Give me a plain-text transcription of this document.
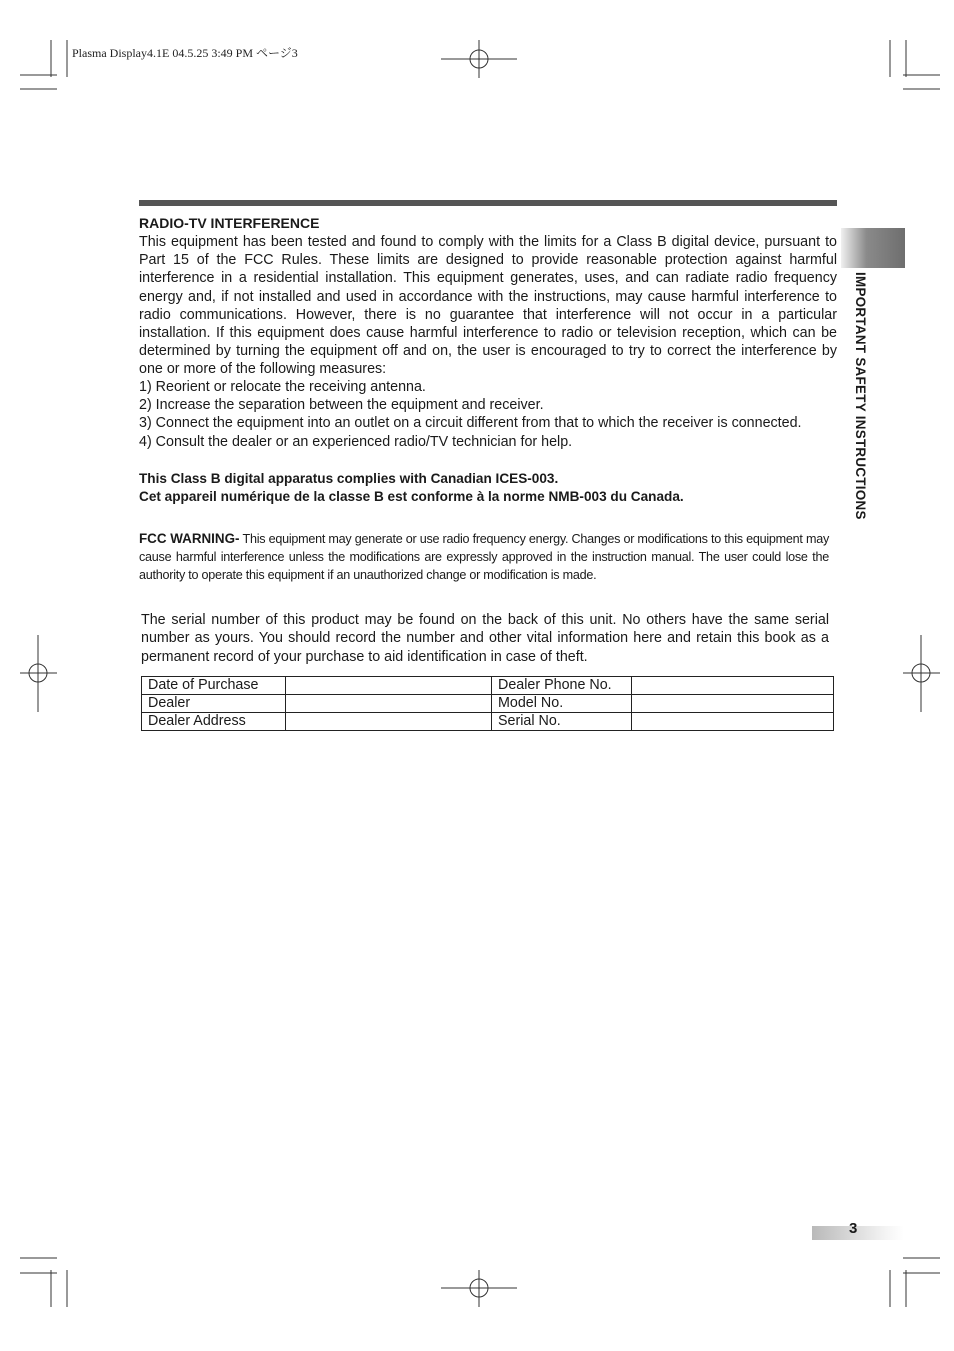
Plasma Display4.1E 04.5.25 3:49 PM ページ3
RADIO-TV INTERFERENCE
This equipment has been tested and found to comply with the limits for a Class B digital device, pursuant to Part 15 of the FCC Rules. These limits are designed to provide reasonable protection against harmful interference in a residential installation. This equipment generates, uses, and can radiate radio frequency energy and, if not installed and used in accordance with the instructions, may cause harmful interference to radio communications. However, there is no guarantee that interference will not occur in a particular installation. If this equipment does cause harmful interference to radio or television reception, which can be determined by turning the equipment off and on, the user is encouraged to try to correct the interference by one or more of the following measures:
1) Reorient or relocate the receiving antenna.
2) Increase the separation between the equipment and receiver.
3) Connect the equipment into an outlet on a circuit different from that to which the receiver is connected.
4) Consult the dealer or an experienced radio/TV technician for help.
This Class B digital apparatus complies with Canadian ICES-003.
Cet appareil numérique de la classe B est conforme à la norme NMB-003 du Canada.
FCC WARNING- This equipment may generate or use radio frequency energy. Changes or modifications to this equipment may cause harmful interference unless the modifications are expressly approved in the instruction manual. The user could lose the authority to operate this equipment if an unauthorized change or modification is made.
The serial number of this product may be found on the back of this unit. No others have the same serial number as yours. You should record the number and other vital information here and retain this book as a permanent record of your purchase to aid identification in case of theft.
Date of Purchase		Dealer Phone No.	
Dealer		Model No.	
Dealer Address		Serial No.	
IMPORTANT SAFETY INSTRUCTIONS
3
